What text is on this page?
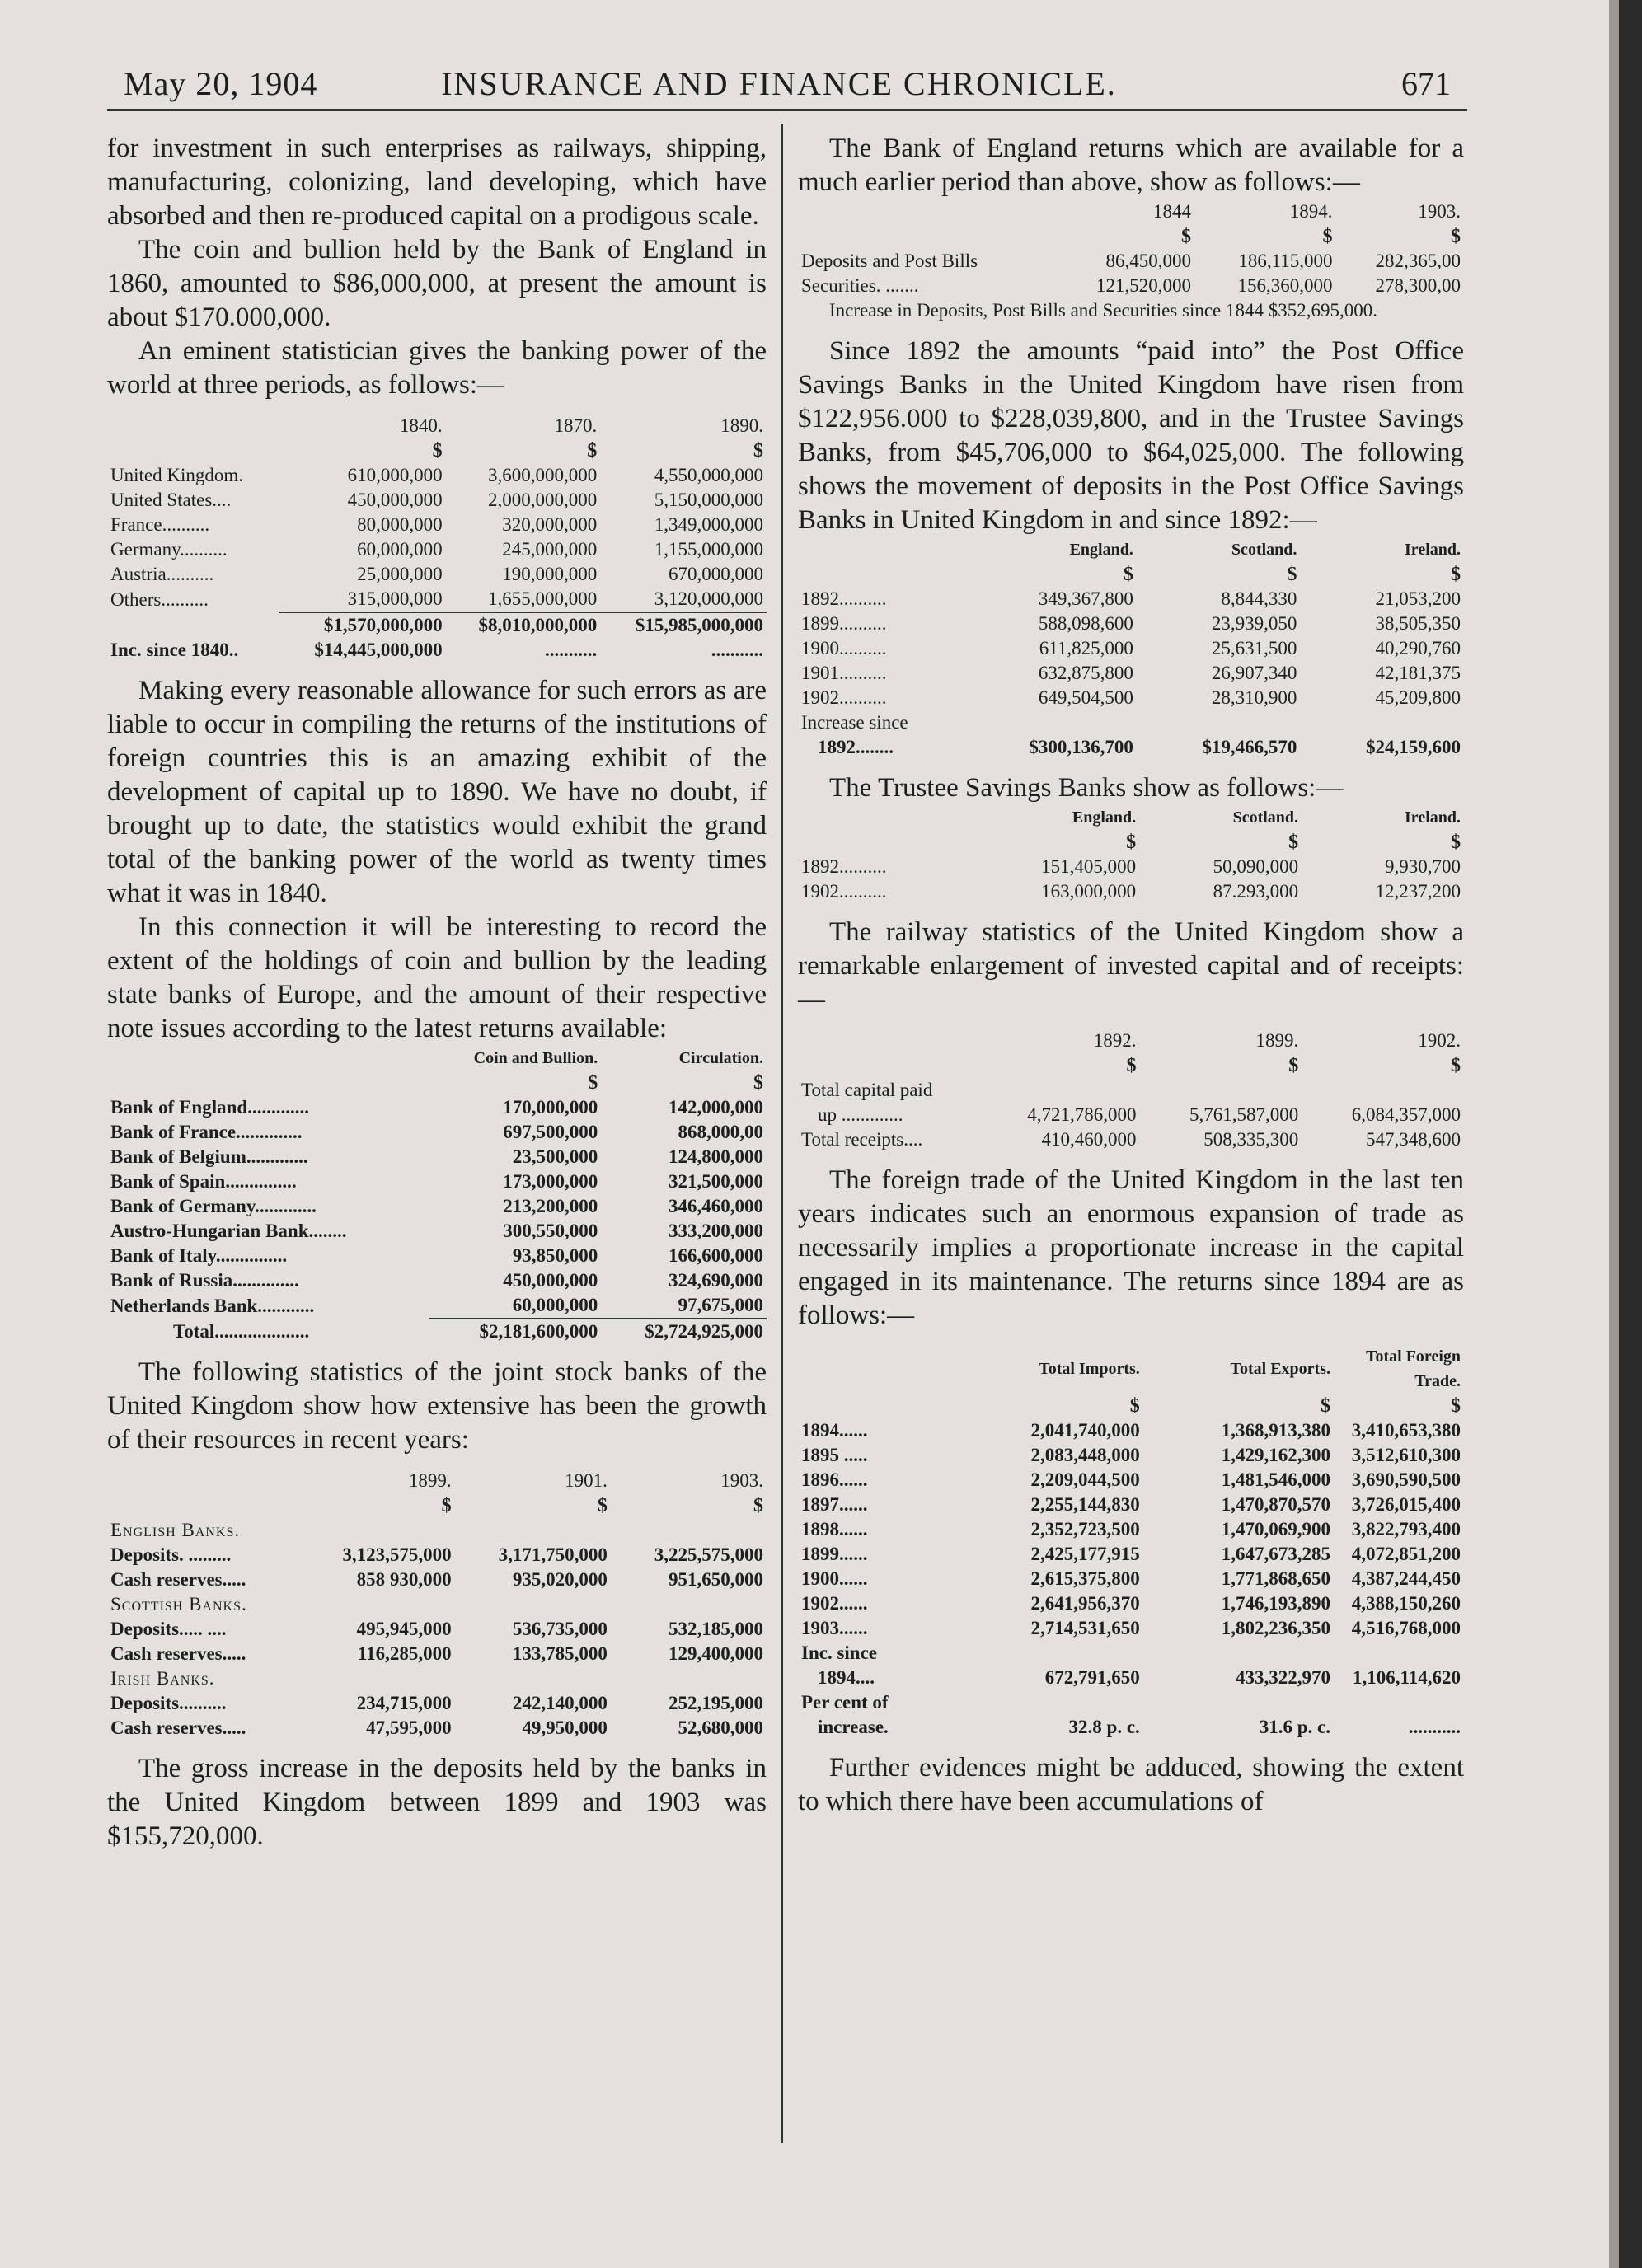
May 20, 1904	INSURANCE AND FINANCE CHRONICLE.	671

for investment in such enterprises as railways, shipping, manufacturing, colonizing, land developing, which have absorbed and then re-produced capital on a prodigous scale.

The coin and bullion held by the Bank of England in 1860, amounted to $86,000,000, at present the amount is about $170.000,000.

An eminent statistician gives the banking power of the world at three periods, as follows:—

	1840.	1870.	1890.
	$	$	$
United Kingdom.	610,000,000	3,600,000,000	4,550,000,000
United States....	450,000,000	2,000,000,000	5,150,000,000
France..........	80,000,000	320,000,000	1,349,000,000
Germany..........	60,000,000	245,000,000	1,155,000,000
Austria..........	25,000,000	190,000,000	670,000,000
Others..........	315,000,000	1,655,000,000	3,120,000,000
	$1,570,000,000	$8,010,000,000	$15,985,000,000
Inc. since 1840..	$14,445,000,000	...........	...........

Making every reasonable allowance for such errors as are liable to occur in compiling the returns of the institutions of foreign countries this is an amazing exhibit of the development of capital up to 1890. We have no doubt, if brought up to date, the statistics would exhibit the grand total of the banking power of the world as twenty times what it was in 1840.

In this connection it will be interesting to record the extent of the holdings of coin and bullion by the leading state banks of Europe, and the amount of their respective note issues according to the latest returns available:

	Coin and Bullion.	Circulation.
	$	$
Bank of England.............	170,000,000	142,000,000
Bank of France..............	697,500,000	868,000,00
Bank of Belgium.............	23,500,000	124,800,000
Bank of Spain...............	173,000,000	321,500,000
Bank of Germany.............	213,200,000	346,460,000
Austro-Hungarian Bank........	300,550,000	333,200,000
Bank of Italy...............	93,850,000	166,600,000
Bank of Russia..............	450,000,000	324,690,000
Netherlands Bank............	60,000,000	97,675,000
Total....................	$2,181,600,000	$2,724,925,000

The following statistics of the joint stock banks of the United Kingdom show how extensive has been the growth of their resources in recent years:

	1899.	1901.	1903.
	$	$	$
English Banks.			
Deposits. .........	3,123,575,000	3,171,750,000	3,225,575,000
Cash reserves.....	858 930,000	935,020,000	951,650,000
Scottish Banks.			
Deposits..... ....	495,945,000	536,735,000	532,185,000
Cash reserves.....	116,285,000	133,785,000	129,400,000
Irish Banks.			
Deposits..........	234,715,000	242,140,000	252,195,000
Cash reserves.....	47,595,000	49,950,000	52,680,000

The gross increase in the deposits held by the banks in the United Kingdom between 1899 and 1903 was $155,720,000.

The Bank of England returns which are available for a much earlier period than above, show as follows:—

	1844	1894.	1903.
	$	$	$
Deposits and Post Bills	86,450,000	186,115,000	282,365,00
Securities. .......	121,520,000	156,360,000	278,300,00

Increase in Deposits, Post Bills and Securities since 1844 $352,695,000.

Since 1892 the amounts “paid into” the Post Office Savings Banks in the United Kingdom have risen from $122,956.000 to $228,039,800, and in the Trustee Savings Banks, from $45,706,000 to $64,025,000. The following shows the movement of deposits in the Post Office Savings Banks in United Kingdom in and since 1892:—

	England.	Scotland.	Ireland.
	$	$	$
1892..........	349,367,800	8,844,330	21,053,200
1899..........	588,098,600	23,939,050	38,505,350
1900..........	611,825,000	25,631,500	40,290,760
1901..........	632,875,800	26,907,340	42,181,375
1902..........	649,504,500	28,310,900	45,209,800
Increase since			
1892........	$300,136,700	$19,466,570	$24,159,600

The Trustee Savings Banks show as follows:—

	England.	Scotland.	Ireland.
	$	$	$
1892..........	151,405,000	50,090,000	9,930,700
1902..........	163,000,000	87.293,000	12,237,200

The railway statistics of the United Kingdom show a remarkable enlargement of invested capital and of receipts:—

	1892.	1899.	1902.
	$	$	$
Total capital paid			
up .............	4,721,786,000	5,761,587,000	6,084,357,000
Total receipts....	410,460,000	508,335,300	547,348,600

The foreign trade of the United Kingdom in the last ten years indicates such an enormous expansion of trade as necessarily implies a proportionate increase in the capital engaged in its maintenance. The returns since 1894 are as follows:—

	Total Imports.	Total Exports.	Total Foreign Trade.
	$	$	$
1894......	2,041,740,000	1,368,913,380	3,410,653,380
1895 .....	2,083,448,000	1,429,162,300	3,512,610,300
1896......	2,209,044,500	1,481,546,000	3,690,590,500
1897......	2,255,144,830	1,470,870,570	3,726,015,400
1898......	2,352,723,500	1,470,069,900	3,822,793,400
1899......	2,425,177,915	1,647,673,285	4,072,851,200
1900......	2,615,375,800	1,771,868,650	4,387,244,450
1902......	2,641,956,370	1,746,193,890	4,388,150,260
1903......	2,714,531,650	1,802,236,350	4,516,768,000
Inc. since			
1894....	672,791,650	433,322,970	1,106,114,620
Per cent of			
increase.	32.8 p. c.	31.6 p. c.	...........

Further evidences might be adduced, showing the extent to which there have been accumulations of
